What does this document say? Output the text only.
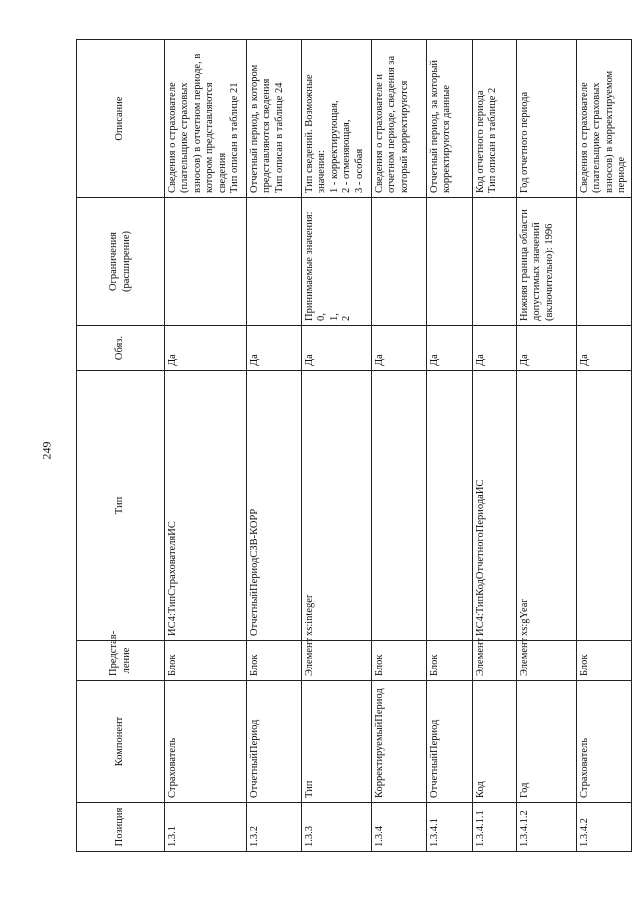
249
Позиция	Компонент	Представ-
ление	Тип	Обяз.	Ограничения
(расширение)	Описание
1.3.1	Страхователь	Блок	ИС4:ТипСтрахователяИС	Да		Сведения о страхователе (плательщике страховых взносов) в отчетном периоде, в котором представляются сведения
Тип описан в таблице 21
1.3.2	ОтчетныйПериод	Блок	ОтчетныйПериодСЗВ-КОРР	Да		Отчетный период, в котором представляются сведения
Тип описан в таблице 24
1.3.3	Тип	Элемент	xs:integer	Да	Принимаемые значения:
0,
1,
2	Тип сведений. Возможные значения:
1 - корректирующая,
2 - отменяющая,
3 - особая
1.3.4	КорректируемыйПериод	Блок		Да		Сведения о страхователе и отчетном периоде, сведения за который корректируются
1.3.4.1	ОтчетныйПериод	Блок		Да		Отчетный период, за который корректируются данные
1.3.4.1.1	Код	Элемент	ИС4:ТипКодОтчетногоПериодаИС	Да		Код отчетного периода
Тип описан в таблице 2
1.3.4.1.2	Год	Элемент	xs:gYear	Да	Нижняя граница области допустимых значений (включительно): 1996	Год отчетного периода
1.3.4.2	Страхователь	Блок		Да		Сведения о страхователе (плательщике страховых взносов) в корректируемом периоде
